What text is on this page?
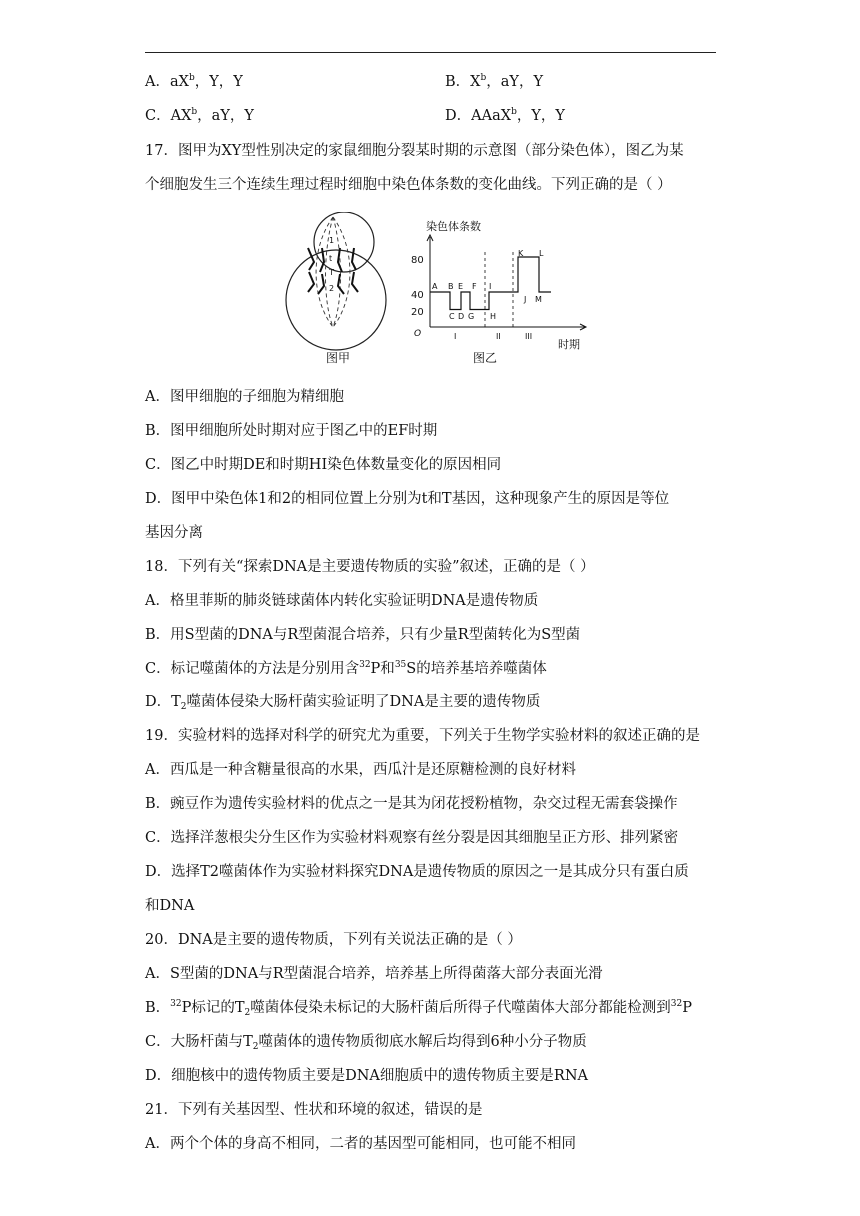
A．$aX^b$，Y，Y	B．$X^b$，aY，Y
C．$AX^b$，aY，Y	D．AAaX$^b$，Y，Y
17．图甲为XY型性别决定的家鼠细胞分裂某时期的示意图（部分染色体），图乙为某
个细胞发生三个连续生理过程时细胞中染色体条数的变化曲线。下列正确的是（ ）
1
t
T
2
图甲
染色体条数
O
80
40
20
A B E F I
C D G H
K L
J M
I	II	III
时期
图乙
A．图甲细胞的子细胞为精细胞
B．图甲细胞所处时期对应于图乙中的EF时期
C．图乙中时期DE和时期HI染色体数量变化的原因相同
D．图甲中染色体1和2的相同位置上分别为t和T基因，这种现象产生的原因是等位
基因分离
18．下列有关“探索DNA是主要遗传物质的实验”叙述，正确的是（ ）
A．格里菲斯的肺炎链球菌体内转化实验证明DNA是遗传物质
B．用S型菌的DNA与R型菌混合培养，只有少量R型菌转化为S型菌
C．标记噬菌体的方法是分别用含$^{32}$P和$^{35}$S的培养基培养噬菌体
D．$T_2$噬菌体侵染大肠杆菌实验证明了DNA是主要的遗传物质
19．实验材料的选择对科学的研究尤为重要，下列关于生物学实验材料的叙述正确的是
A．西瓜是一种含糖量很高的水果，西瓜汁是还原糖检测的良好材料
B．豌豆作为遗传实验材料的优点之一是其为闭花授粉植物，杂交过程无需套袋操作
C．选择洋葱根尖分生区作为实验材料观察有丝分裂是因其细胞呈正方形、排列紧密
D．选择T2噬菌体作为实验材料探究DNA是遗传物质的原因之一是其成分只有蛋白质
和DNA
20．DNA是主要的遗传物质，下列有关说法正确的是（ ）
A．S型菌的DNA与R型菌混合培养，培养基上所得菌落大部分表面光滑
B．$^{32}$P标记的$T_2$噬菌体侵染未标记的大肠杆菌后所得子代噬菌体大部分都能检测到$^{32}$P
C．大肠杆菌与$T_2$噬菌体的遗传物质彻底水解后均得到6种小分子物质
D．细胞核中的遗传物质主要是DNA细胞质中的遗传物质主要是RNA
21．下列有关基因型、性状和环境的叙述，错误的是
A．两个个体的身高不相同，二者的基因型可能相同，也可能不相同
